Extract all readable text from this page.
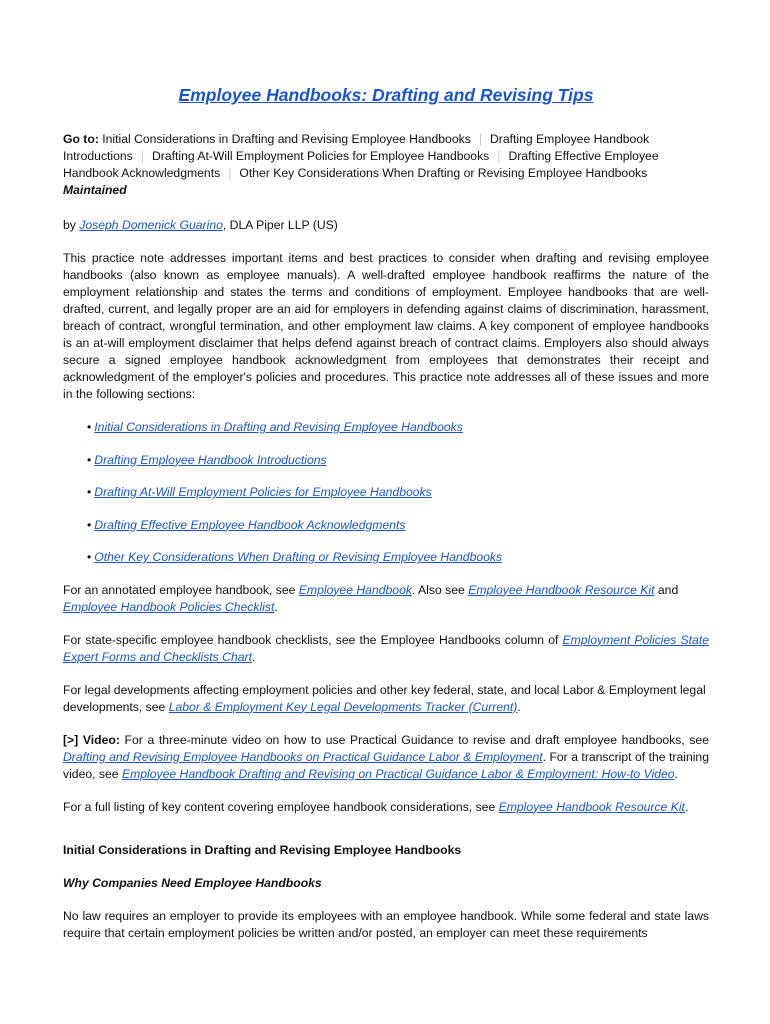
Employee Handbooks: Drafting and Revising Tips

Go to: Initial Considerations in Drafting and Revising Employee Handbooks | Drafting Employee Handbook Introductions | Drafting At-Will Employment Policies for Employee Handbooks | Drafting Effective Employee Handbook Acknowledgments | Other Key Considerations When Drafting or Revising Employee Handbooks

Maintained

by Joseph Domenick Guarino, DLA Piper LLP (US)

This practice note addresses important items and best practices to consider when drafting and revising employee handbooks (also known as employee manuals). A well-drafted employee handbook reaffirms the nature of the employment relationship and states the terms and conditions of employment. Employee handbooks that are well-drafted, current, and legally proper are an aid for employers in defending against claims of discrimination, harassment, breach of contract, wrongful termination, and other employment law claims. A key component of employee handbooks is an at-will employment disclaimer that helps defend against breach of contract claims. Employers also should always secure a signed employee handbook acknowledgment from employees that demonstrates their receipt and acknowledgment of the employer's policies and procedures. This practice note addresses all of these issues and more in the following sections:

• Initial Considerations in Drafting and Revising Employee Handbooks
• Drafting Employee Handbook Introductions
• Drafting At-Will Employment Policies for Employee Handbooks
• Drafting Effective Employee Handbook Acknowledgments
• Other Key Considerations When Drafting or Revising Employee Handbooks

For an annotated employee handbook, see Employee Handbook. Also see Employee Handbook Resource Kit and Employee Handbook Policies Checklist.

For state-specific employee handbook checklists, see the Employee Handbooks column of Employment Policies State Expert Forms and Checklists Chart.

For legal developments affecting employment policies and other key federal, state, and local Labor & Employment legal developments, see Labor & Employment Key Legal Developments Tracker (Current).

[>] Video: For a three-minute video on how to use Practical Guidance to revise and draft employee handbooks, see Drafting and Revising Employee Handbooks on Practical Guidance Labor & Employment. For a transcript of the training video, see Employee Handbook Drafting and Revising on Practical Guidance Labor & Employment: How-to Video.

For a full listing of key content covering employee handbook considerations, see Employee Handbook Resource Kit.

Initial Considerations in Drafting and Revising Employee Handbooks
Why Companies Need Employee Handbooks

No law requires an employer to provide its employees with an employee handbook. While some federal and state laws require that certain employment policies be written and/or posted, an employer can meet these requirements
